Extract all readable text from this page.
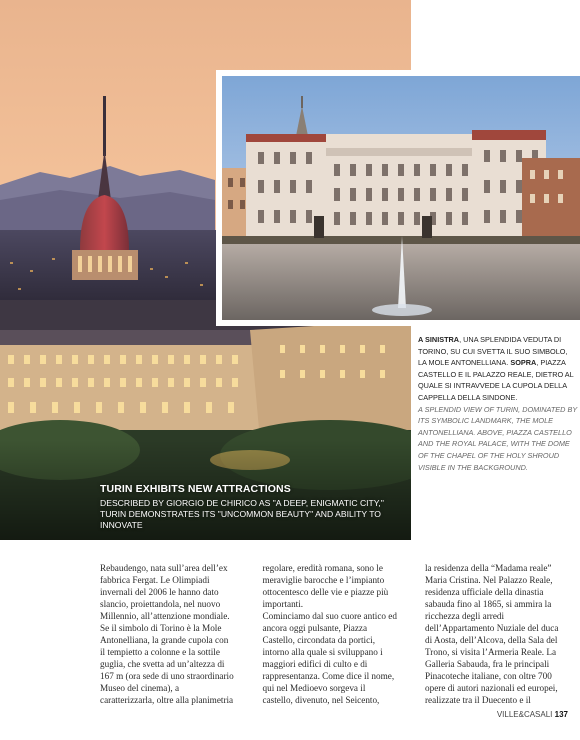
TURIN EXHIBITS NEW ATTRACTIONS
DESCRIBED BY GIORGIO DE CHIRICO AS "A DEEP, ENIGMATIC CITY," TURIN DEMONSTRATES ITS "UNCOMMON BEAUTY" AND ABILITY TO INNOVATE
A SINISTRA, UNA SPLENDIDA VEDUTA DI TORINO, SU CUI SVETTA IL SUO SIMBOLO, LA MOLE ANTONELLIANA. SOPRA, PIAZZA CASTELLO E IL PALAZZO REALE, DIETRO AL QUALE SI INTRAVVEDE LA CUPOLA DELLA CAPPELLA DELLA SINDONE.
A SPLENDID VIEW OF TURIN, DOMINATED BY ITS SYMBOLIC LANDMARK, THE MOLE ANTONELLIANA. ABOVE, PIAZZA CASTELLO AND THE ROYAL PALACE, WITH THE DOME OF THE CHAPEL OF THE HOLY SHROUD VISIBLE IN THE BACKGROUND.
Rebaudengo, nata sull’area dell’ex fabbrica Fergat. Le Olimpiadi invernali del 2006 le hanno dato slancio, proiettandola, nel nuovo Millennio, all’attenzione mondiale. Se il simbolo di Torino è la Mole Antonelliana, la grande cupola con il tempietto a colonne e la sottile guglia, che svetta ad un’altezza di 167 m (ora sede di uno straordinario Museo del cinema), a caratterizzarla, oltre alla planimetria
regolare, eredità romana, sono le meraviglie barocche e l’impianto ottocentesco delle vie e piazze più importanti.
Cominciamo dal suo cuore antico ed ancora oggi pulsante, Piazza Castello, circondata da portici, intorno alla quale si sviluppano i maggiori edifici di culto e di rappresentanza. Come dice il nome, qui nel Medioevo sorgeva il castello, divenuto, nel Seicento,
la residenza della “Madama reale” Maria Cristina. Nel Palazzo Reale, residenza ufficiale della dinastia sabauda fino al 1865, si ammira la ricchezza degli arredi dell’Appartamento Nuziale del duca di Aosta, dell’Alcova, della Sala del Trono, si visita l’Armeria Reale. La Galleria Sabauda, fra le principali Pinacoteche italiane, con oltre 700 opere di autori nazionali ed europei, realizzate tra il Duecento e il
VILLE&CASALI 137
